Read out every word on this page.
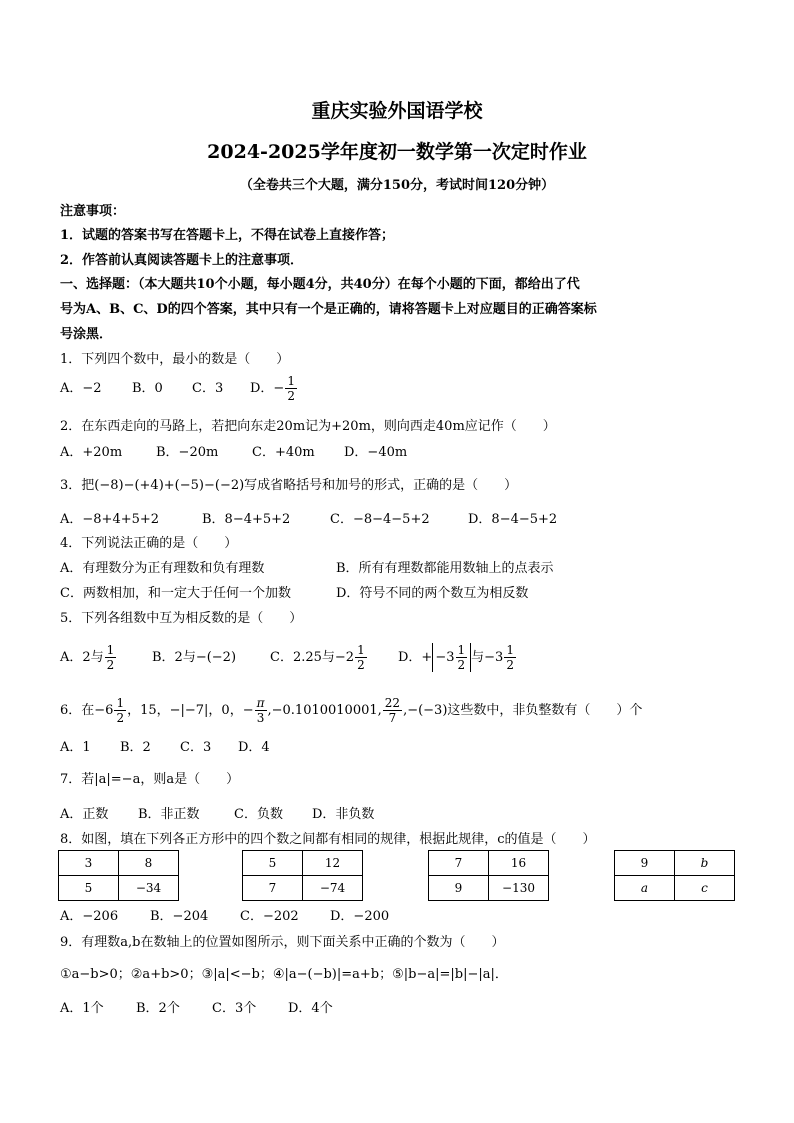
重庆实验外国语学校
2024-2025学年度初一数学第一次定时作业
（全卷共三个大题，满分150分，考试时间120分钟）
注意事项：
1．试题的答案书写在答题卡上，不得在试卷上直接作答；
2．作答前认真阅读答题卡上的注意事项．
一、选择题：（本大题共10个小题，每小题4分，共40分）在每个小题的下面，都给出了代
号为A、B、C、D的四个答案，其中只有一个是正确的，请将答题卡上对应题目的正确答案标
号涂黑．
1．下列四个数中，最小的数是（　　）
A．−2 B．0 C．3 D．− $\frac{1}{2}$
2．在东西走向的马路上，若把向东走20m记为+20m，则向西走40m应记作（　　）
A．+20m	B．−20m	C．+40m D．−40m
3．把(−8)−(+4)+(−5)−(−2)写成省略括号和加号的形式，正确的是（　　）
A．−8+4+5+2	B．8−4+5+2	C．−8−4−5+2	D．8−4−5+2
4．下列说法正确的是（　　）
A．有理数分为正有理数和负有理数	B．所有有理数都能用数轴上的点表示
C．两数相加，和一定大于任何一个加数	D．符号不同的两个数互为相反数
5．下列各组数中互为相反数的是（　　）
A．2与 $\frac{1}{2}$	B．2与−(−2)	C．2.25与$-2 \frac{1}{2}$ D．+ $-3 \frac{1}{2}$ 与$-3 \frac{1}{2}$
6．在$-6 \frac{1}{2}$ ，15，−|−7|，0，− $\frac{\pi}{3} ,-0.1010010001$, $\frac{22}{7} ,-(-3)$这些数中，非负整数有（　　）个
A．1 B．2 C．3 D．4
7．若|a|=−a，则a是（　　）
A．正数 B．非正数	C．负数 D．非负数
8．如图，填在下列各正方形中的四个数之间都有相同的规律，根据此规律，c的值是（　　）
3	8
5	−34
5	12
7	−74
7	16
9	−130
9	b
a	c
A．−206 B．−204 C．−202 D．−200
9．有理数a,b在数轴上的位置如图所示，则下面关系中正确的个数为（　　）
①a−b>0；②a+b>0；③|a|<−b；④|a−(−b)|=a+b；⑤|b−a|=|b|−|a|．
A．1个 B．2个 C．3个 D．4个
